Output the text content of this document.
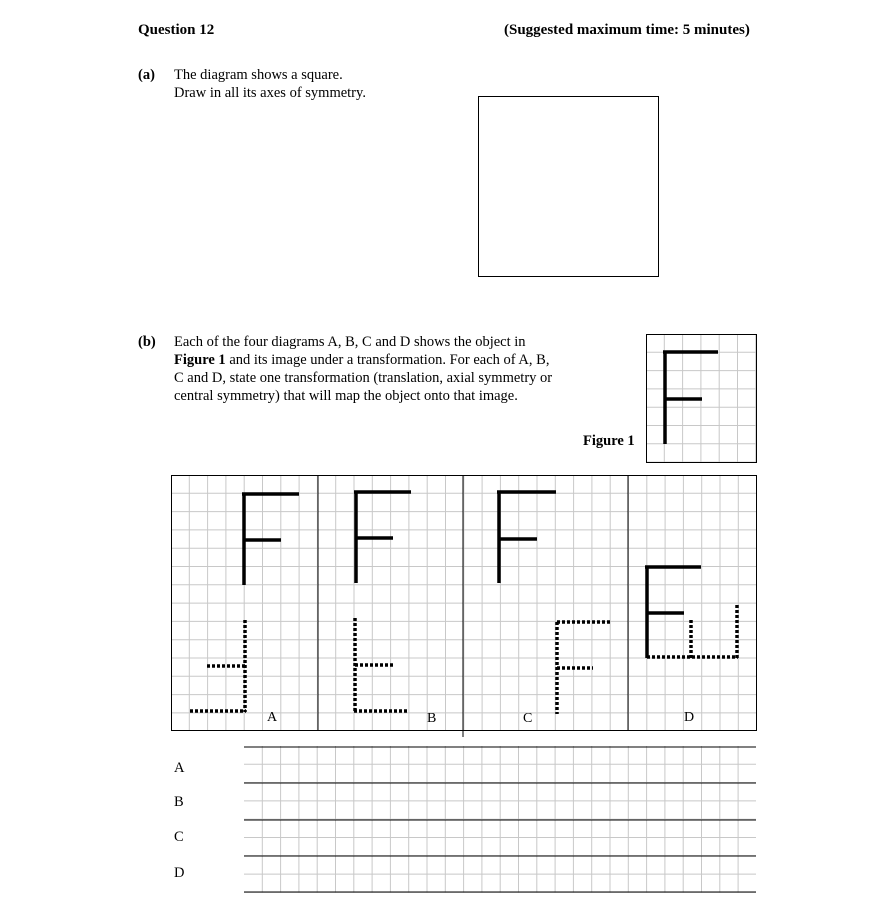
Question 12	(Suggested maximum time: 5 minutes)
(a) The diagram shows a square.
Draw in all its axes of symmetry.
(b) Each of the four diagrams A, B, C and D shows the object in
Figure 1 and its image under a transformation. For each of A, B,
C and D, state one transformation (translation, axial symmetry or
central symmetry) that will map the object onto that image.
Figure 1
A	B	C	D
A
B
C
D
